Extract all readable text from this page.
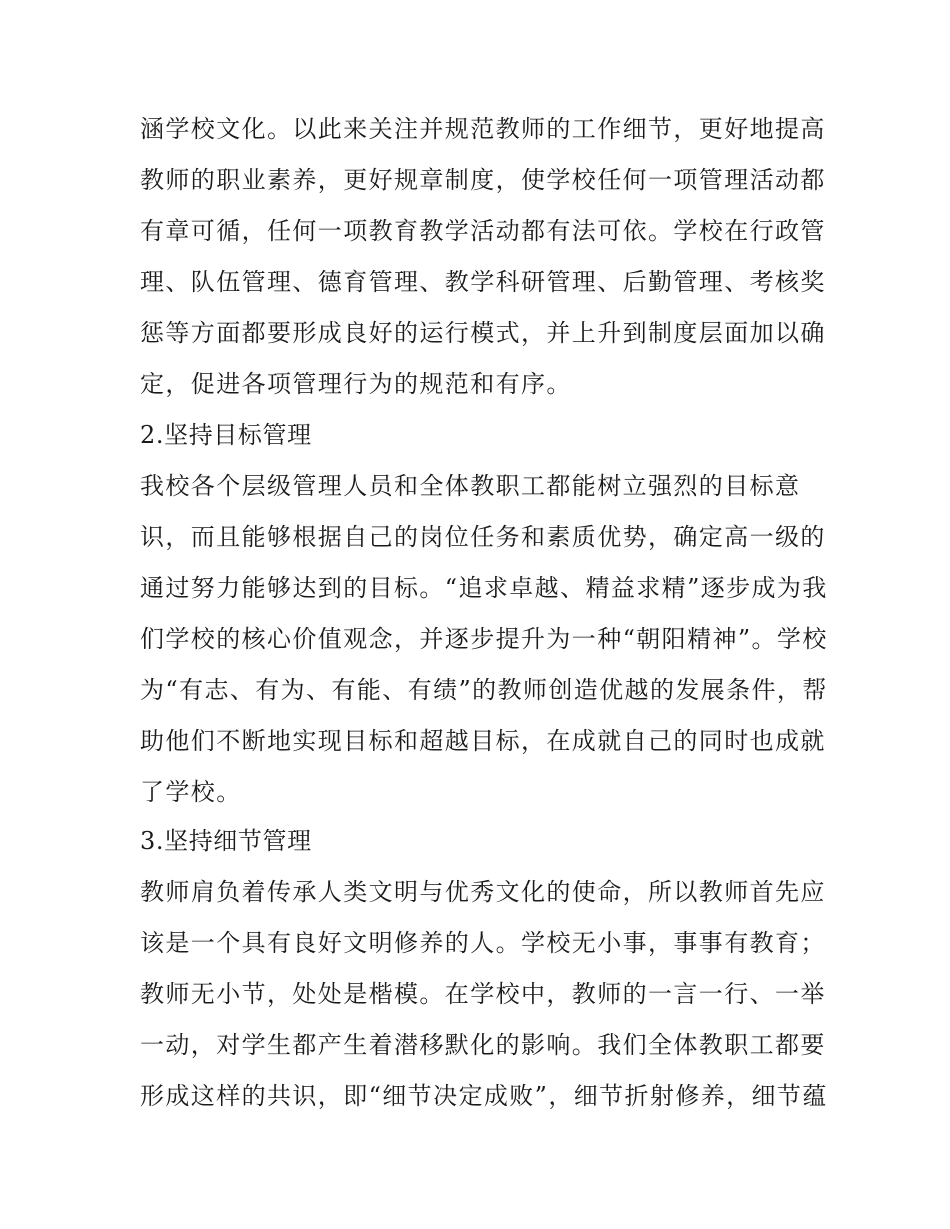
涵学校文化。以此来关注并规范教师的工作细节，更好地提高
教师的职业素养，更好规章制度，使学校任何一项管理活动都
有章可循，任何一项教育教学活动都有法可依。学校在行政管
理、队伍管理、德育管理、教学科研管理、后勤管理、考核奖
惩等方面都要形成良好的运行模式，并上升到制度层面加以确
定，促进各项管理行为的规范和有序。
2.坚持目标管理
我校各个层级管理人员和全体教职工都能树立强烈的目标意
识，而且能够根据自己的岗位任务和素质优势，确定高一级的
通过努力能够达到的目标。“追求卓越、精益求精”逐步成为我
们学校的核心价值观念，并逐步提升为一种“朝阳精神”。学校
为“有志、有为、有能、有绩”的教师创造优越的发展条件，帮
助他们不断地实现目标和超越目标，在成就自己的同时也成就
了学校。
3.坚持细节管理
教师肩负着传承人类文明与优秀文化的使命，所以教师首先应
该是一个具有良好文明修养的人。学校无小事，事事有教育；
教师无小节，处处是楷模。在学校中，教师的一言一行、一举
一动，对学生都产生着潜移默化的影响。我们全体教职工都要
形成这样的共识，即“细节决定成败”，细节折射修养，细节蕴
